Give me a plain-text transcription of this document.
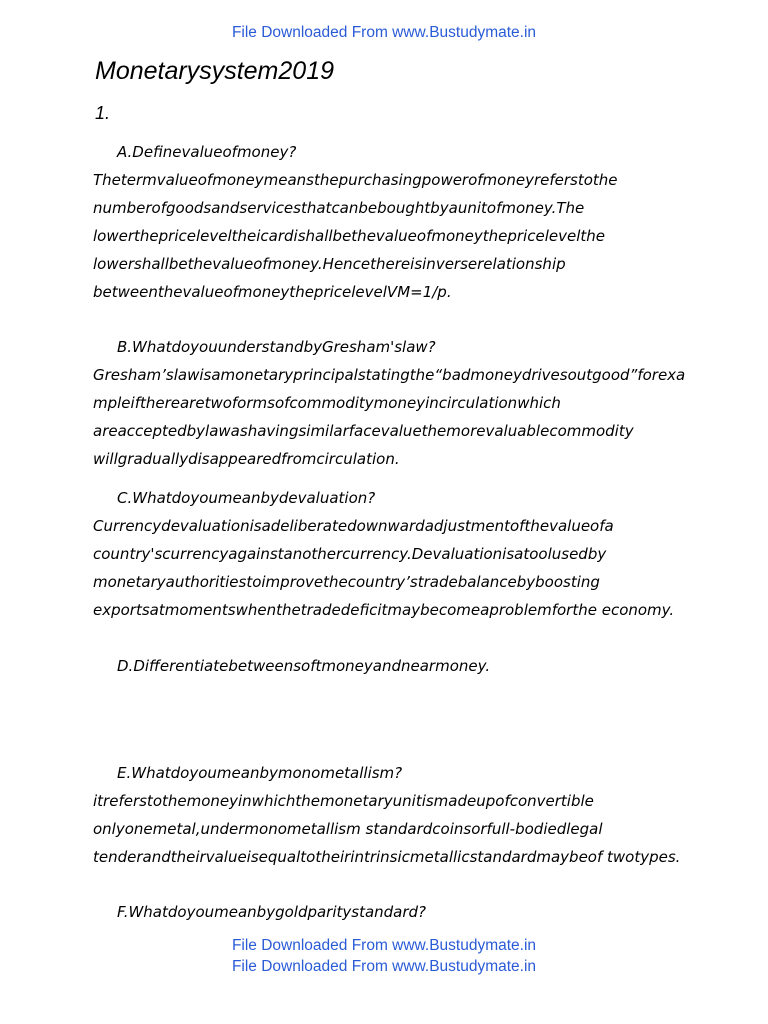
File Downloaded From www.Bustudymate.in
Monetarysystem2019
1.
A.Definevalueofmoney?
Thetermvalueofmoneymeansthepurchasingpowerofmoneyreferstothe
numberofgoodsandservicesthatcanbeboughtbyaunitofmoney.The
lowerthepriceleveltheicardishallbethevalueofmoneythepricelevelthe
lowershallbethevalueofmoney.Hencethereisinverserelationship
betweenthevalueofmoneythepricelevelVM=1/p.
B.WhatdoyouunderstandbyGresham'slaw?
Gresham’slawisamonetaryprincipalstatingthe“badmoneydrivesoutgood”forexa
mpleiftherearetwoformsofcommoditymoneyincirculationwhich
areacceptedbylawashavingsimilarfacevaluethemorevaluablecommodity
willgraduallydisappearedfromcirculation.
C.Whatdoyoumeanbydevaluation?
Currencydevaluationisadeliberatedownwardadjustmentofthevalueofa
country'scurrencyagainstanothercurrency.Devaluationisatoolusedby
monetaryauthoritiestoimprovethecountry’stradebalancebyboosting
exportsatmomentswhenthetradedeficitmaybecomeaproblemforthe economy.
D.Differentiatebetweensoftmoneyandnearmoney.
E.Whatdoyoumeanbymonometallism?
itreferstothemoneyinwhichthemonetaryunitismadeupofconvertible
onlyonemetal,undermonometallism standardcoinsorfull-bodiedlegal
tenderandtheirvalueisequaltotheirintrinsicmetallicstandardmaybeof twotypes.
F.Whatdoyoumeanbygoldparitystandard?
File Downloaded From www.Bustudymate.in
File Downloaded From www.Bustudymate.in
